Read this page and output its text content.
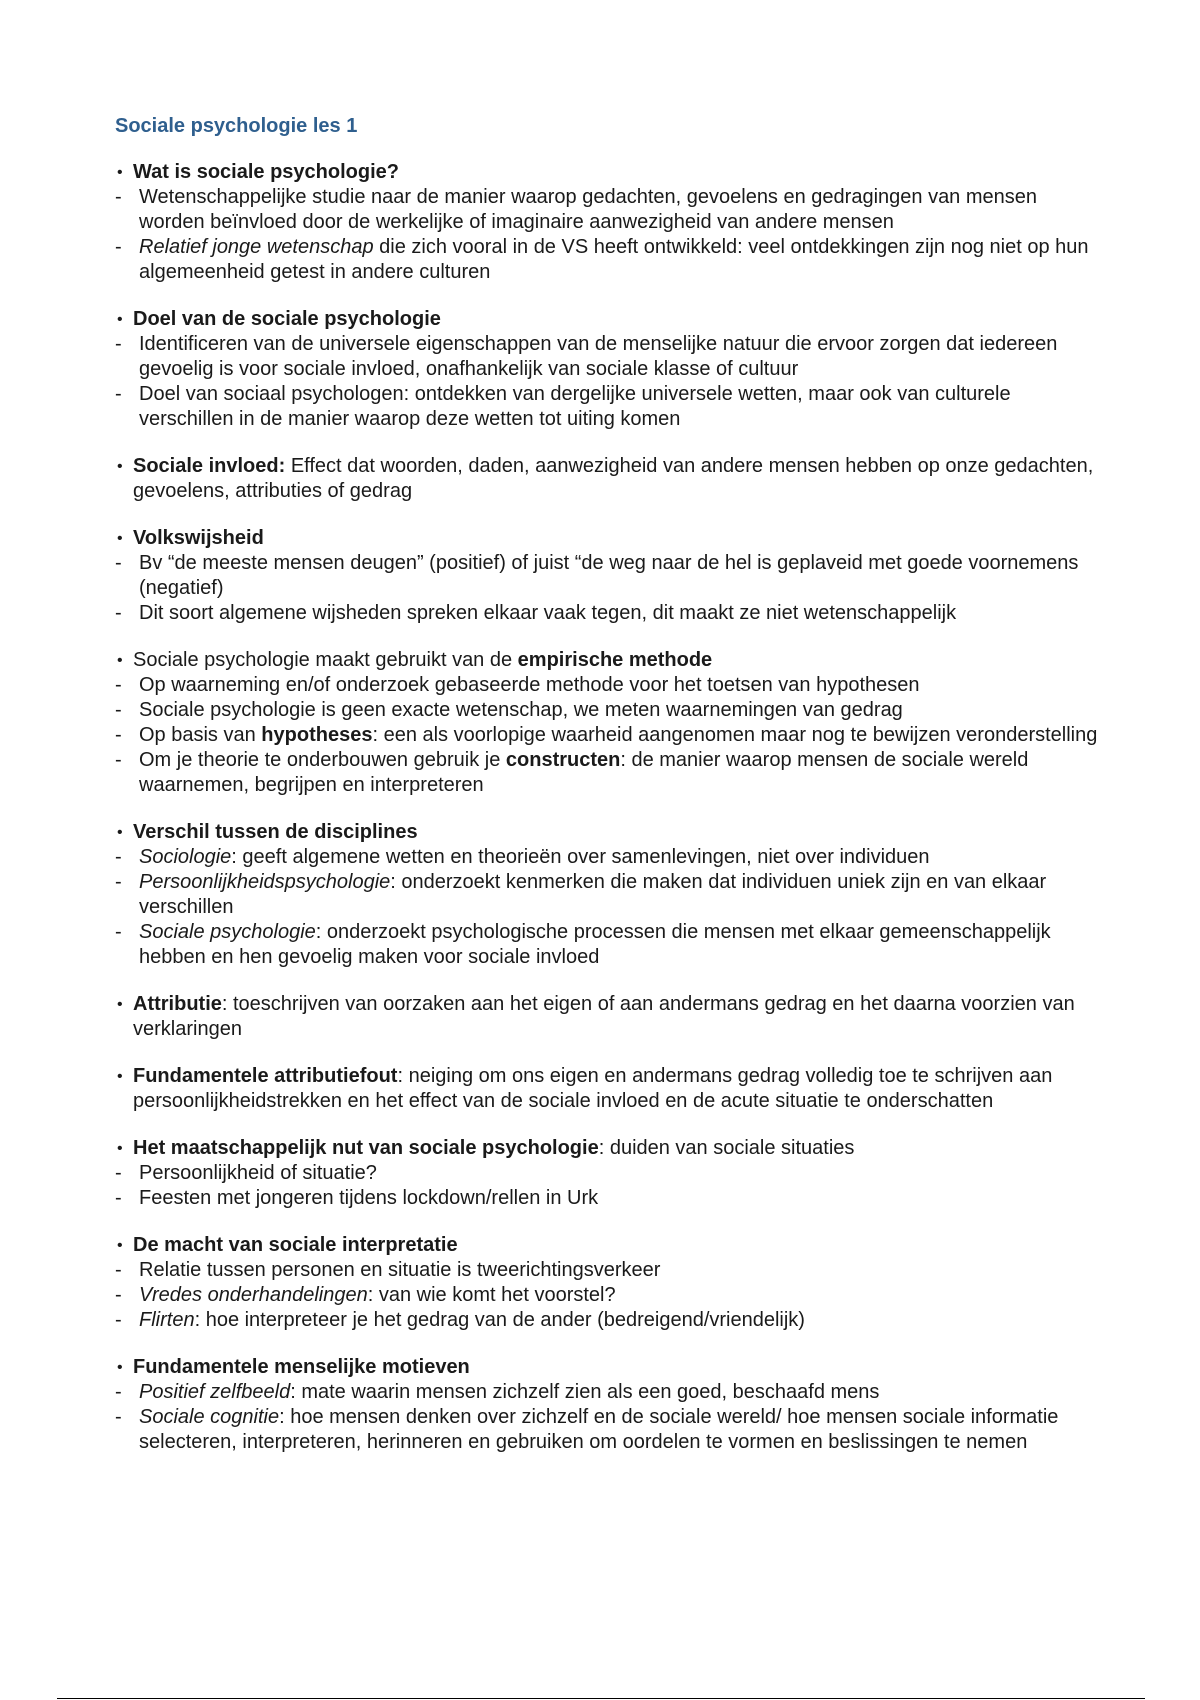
Sociale psychologie les 1
• Wat is sociale psychologie?
- Wetenschappelijke studie naar de manier waarop gedachten, gevoelens en gedragingen van mensen worden beïnvloed door de werkelijke of imaginaire aanwezigheid van andere mensen
- Relatief jonge wetenschap die zich vooral in de VS heeft ontwikkeld: veel ontdekkingen zijn nog niet op hun algemeenheid getest in andere culturen
• Doel van de sociale psychologie
- Identificeren van de universele eigenschappen van de menselijke natuur die ervoor zorgen dat iedereen gevoelig is voor sociale invloed, onafhankelijk van sociale klasse of cultuur
- Doel van sociaal psychologen: ontdekken van dergelijke universele wetten, maar ook van culturele verschillen in de manier waarop deze wetten tot uiting komen
• Sociale invloed: Effect dat woorden, daden, aanwezigheid van andere mensen hebben op onze gedachten, gevoelens, attributies of gedrag
• Volkswijsheid
- Bv “de meeste mensen deugen” (positief) of juist “de weg naar de hel is geplaveid met goede voornemens (negatief)
- Dit soort algemene wijsheden spreken elkaar vaak tegen, dit maakt ze niet wetenschappelijk
• Sociale psychologie maakt gebruikt van de empirische methode
- Op waarneming en/of onderzoek gebaseerde methode voor het toetsen van hypothesen
- Sociale psychologie is geen exacte wetenschap, we meten waarnemingen van gedrag
- Op basis van hypotheses: een als voorlopige waarheid aangenomen maar nog te bewijzen veronderstelling
- Om je theorie te onderbouwen gebruik je constructen: de manier waarop mensen de sociale wereld waarnemen, begrijpen en interpreteren
• Verschil tussen de disciplines
- Sociologie: geeft algemene wetten en theorieën over samenlevingen, niet over individuen
- Persoonlijkheidspsychologie: onderzoekt kenmerken die maken dat individuen uniek zijn en van elkaar verschillen
- Sociale psychologie: onderzoekt psychologische processen die mensen met elkaar gemeenschappelijk hebben en hen gevoelig maken voor sociale invloed
• Attributie: toeschrijven van oorzaken aan het eigen of aan andermans gedrag en het daarna voorzien van verklaringen
• Fundamentele attributiefout: neiging om ons eigen en andermans gedrag volledig toe te schrijven aan persoonlijkheidstrekken en het effect van de sociale invloed en de acute situatie te onderschatten
• Het maatschappelijk nut van sociale psychologie: duiden van sociale situaties
- Persoonlijkheid of situatie?
- Feesten met jongeren tijdens lockdown/rellen in Urk
• De macht van sociale interpretatie
- Relatie tussen personen en situatie is tweerichtingsverkeer
- Vredes onderhandelingen: van wie komt het voorstel?
- Flirten: hoe interpreteer je het gedrag van de ander (bedreigend/vriendelijk)
• Fundamentele menselijke motieven
- Positief zelfbeeld: mate waarin mensen zichzelf zien als een goed, beschaafd mens
- Sociale cognitie: hoe mensen denken over zichzelf en de sociale wereld/ hoe mensen sociale informatie selecteren, interpreteren, herinneren en gebruiken om oordelen te vormen en beslissingen te nemen
